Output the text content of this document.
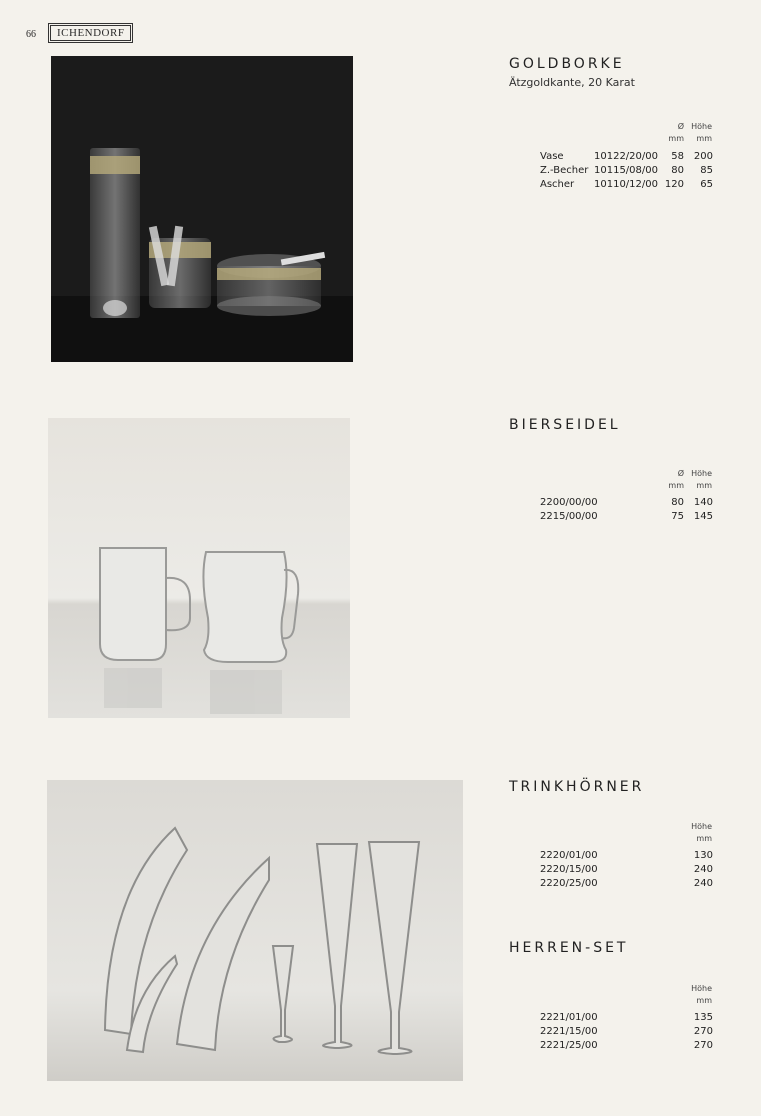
66	ICHENDORF
GOLDBORKE
Ätzgoldkante, 20 Karat
Ø Höhe
mm	mm
Vase	10122/20/00	58 200
Z.-Becher 10115/08/00	80	85
Ascher 10110/12/00 120	65
BIERSEIDEL
Ø Höhe
mm	mm
2200/00/00	80 140
2215/00/00	75 145
TRINKHÖRNER
Höhe
mm
2220/01/00	130
2220/15/00	240
2220/25/00	240
HERREN-SET
Höhe
mm
2221/01/00	135
2221/15/00	270
2221/25/00	270
